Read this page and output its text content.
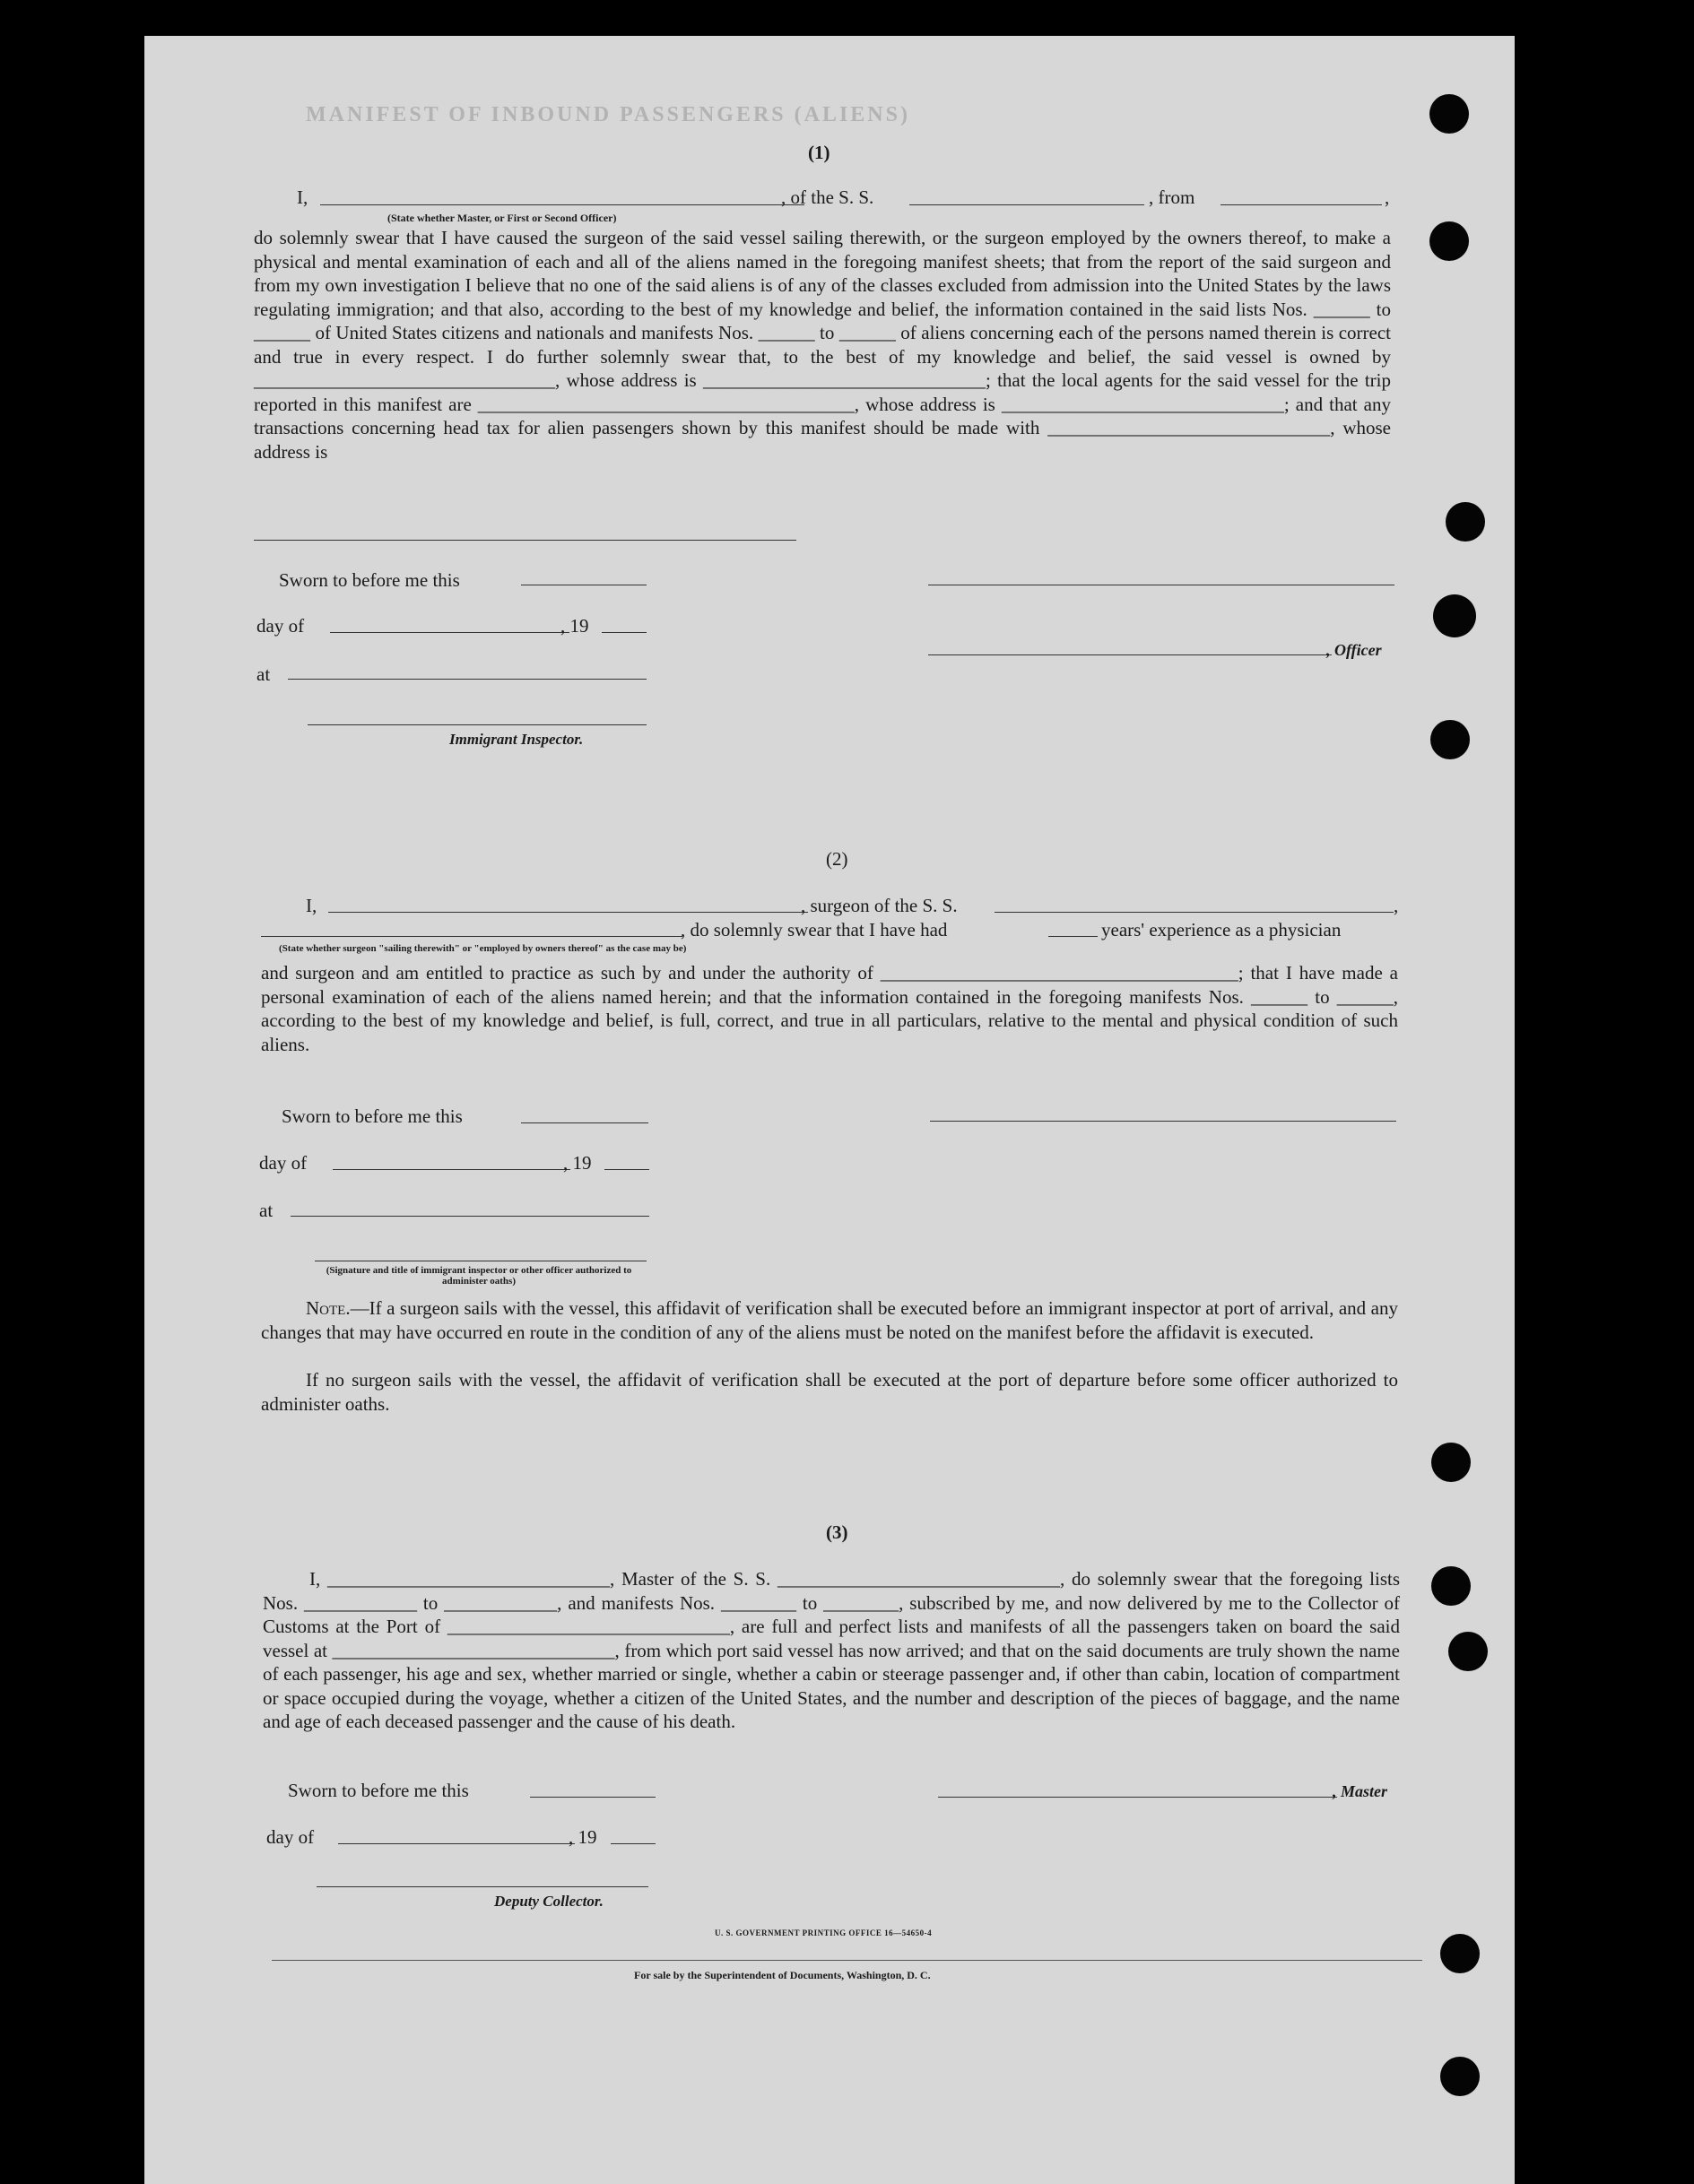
MANIFEST OF INBOUND PASSENGERS (ALIENS)
(1)
I,	, of the S. S.	, from	,
(State whether Master, or First or Second Officer)
do solemnly swear that I have caused the surgeon of the said vessel sailing therewith, or the surgeon employed by the owners thereof, to make a physical and mental examination of each and all of the aliens named in the foregoing manifest sheets; that from the report of the said surgeon and from my own investigation I believe that no one of the said aliens is of any of the classes excluded from admission into the United States by the laws regulating immigration; and that also, according to the best of my knowledge and belief, the information contained in the said lists Nos. ______ to ______ of United States citizens and nationals and manifests Nos. ______ to ______ of aliens concerning each of the persons named therein is correct and true in every respect. I do further solemnly swear that, to the best of my knowledge and belief, the said vessel is owned by ________________________________, whose address is ______________________________; that the local agents for the said vessel for the trip reported in this manifest are ________________________________________, whose address is ______________________________; and that any transactions concerning head tax for alien passengers shown by this manifest should be made with ______________________________, whose address is
Sworn to before me this
day of	, 19
, Officer
at
Immigrant Inspector.
(2)
I,	, surgeon of the S. S.	,
, do solemnly swear that I have had	years' experience as a physician
(State whether surgeon "sailing therewith" or "employed by owners thereof" as the case may be)
and surgeon and am entitled to practice as such by and under the authority of ______________________________________; that I have made a personal examination of each of the aliens named herein; and that the information contained in the foregoing manifests Nos. ______ to ______, according to the best of my knowledge and belief, is full, correct, and true in all particulars, relative to the mental and physical condition of such aliens.
Sworn to before me this
day of	, 19
at
(Signature and title of immigrant inspector or other officer authorized to administer oaths)
Note.—If a surgeon sails with the vessel, this affidavit of verification shall be executed before an immigrant inspector at port of arrival, and any changes that may have occurred en route in the condition of any of the aliens must be noted on the manifest before the affidavit is executed.
If no surgeon sails with the vessel, the affidavit of verification shall be executed at the port of departure before some officer authorized to administer oaths.
(3)
I, ______________________________, Master of the S. S. ______________________________, do solemnly swear that the foregoing lists Nos. ____________ to ____________, and manifests Nos. ________ to ________, subscribed by me, and now delivered by me to the Collector of Customs at the Port of ______________________________, are full and perfect lists and manifests of all the passengers taken on board the said vessel at ______________________________, from which port said vessel has now arrived; and that on the said documents are truly shown the name of each passenger, his age and sex, whether married or single, whether a cabin or steerage passenger and, if other than cabin, location of compartment or space occupied during the voyage, whether a citizen of the United States, and the number and description of the pieces of baggage, and the name and age of each deceased passenger and the cause of his death.
Sworn to before me this	, Master
day of	, 19
Deputy Collector.
U. S. GOVERNMENT PRINTING OFFICE 16—54650-4
For sale by the Superintendent of Documents, Washington, D. C.
